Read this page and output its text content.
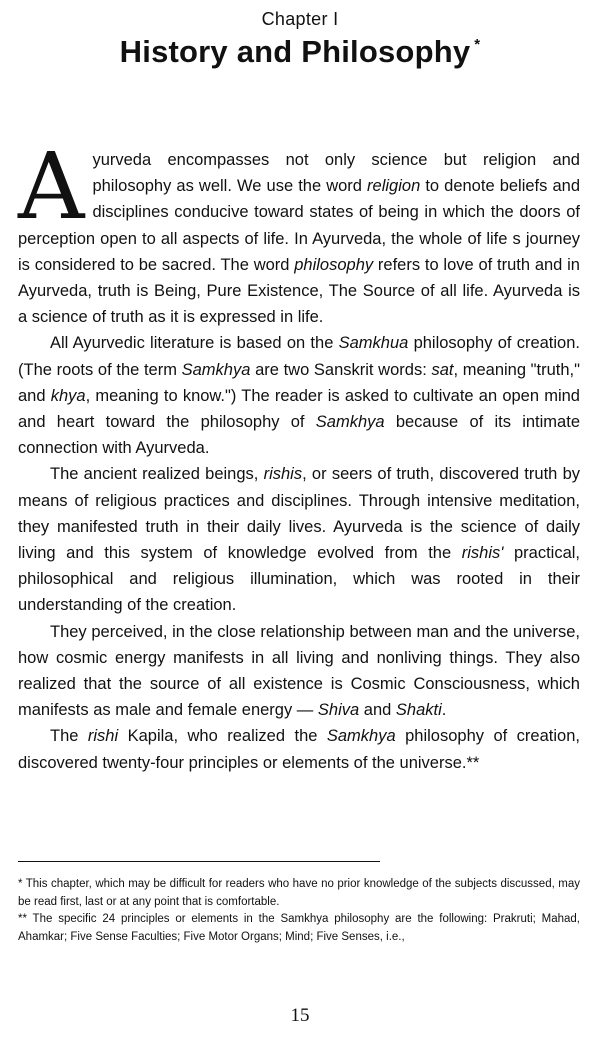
Chapter I
History and Philosophy *

Ayurveda encompasses not only science but religion and philosophy as well. We use the word religion to denote beliefs and disciplines conducive toward states of being in which the doors of perception open to all aspects of life. In Ayurveda, the whole of life s journey is considered to be sacred. The word philosophy refers to love of truth and in Ayurveda, truth is Being, Pure Existence, The Source of all life. Ayurveda is a science of truth as it is expressed in life.

All Ayurvedic literature is based on the Samkhua philosophy of creation. (The roots of the term Samkhya are two Sanskrit words: sat, meaning "truth," and khya, meaning to know.") The reader is asked to cultivate an open mind and heart toward the philosophy of Samkhya because of its intimate connection with Ayurveda.

The ancient realized beings, rishis, or seers of truth, discovered truth by means of religious practices and disciplines. Through intensive meditation, they manifested truth in their daily lives. Ayurveda is the science of daily living and this system of knowledge evolved from the rishis' practical, philosophical and religious illumination, which was rooted in their understanding of the creation.

They perceived, in the close relationship between man and the universe, how cosmic energy manifests in all living and nonliving things. They also realized that the source of all existence is Cosmic Consciousness, which manifests as male and female energy — Shiva and Shakti.

The rishi Kapila, who realized the Samkhya philosophy of creation, discovered twenty-four principles or elements of the universe.**

* This chapter, which may be difficult for readers who have no prior knowledge of the subjects discussed, may be read first, last or at any point that is comfortable.

** The specific 24 principles or elements in the Samkhya philosophy are the following: Prakruti; Mahad, Ahamkar; Five Sense Faculties; Five Motor Organs; Mind; Five Senses, i.e.,

15
